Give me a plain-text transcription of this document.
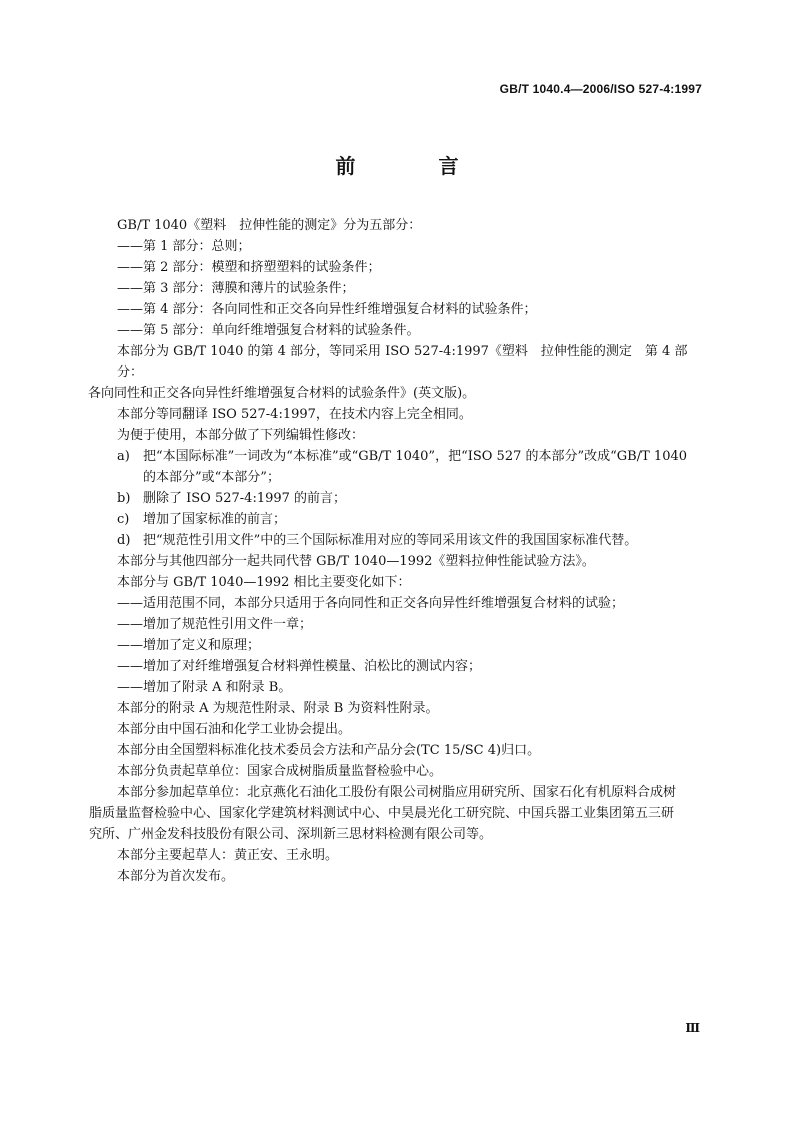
GB/T 1040.4—2006/ISO 527-4:1997
前 言

GB/T 1040《塑料　拉伸性能的测定》分为五部分：

——第 1 部分：总则；

——第 2 部分：模塑和挤塑塑料的试验条件；

——第 3 部分：薄膜和薄片的试验条件；

——第 4 部分：各向同性和正交各向异性纤维增强复合材料的试验条件；

——第 5 部分：单向纤维增强复合材料的试验条件。

本部分为 GB/T 1040 的第 4 部分，等同采用 ISO 527-4:1997《塑料　拉伸性能的测定　第 4 部分：

各向同性和正交各向异性纤维增强复合材料的试验条件》(英文版)。

本部分等同翻译 ISO 527-4:1997，在技术内容上完全相同。

为便于使用，本部分做了下列编辑性修改：

a)	把“本国际标准”一词改为“本标准”或“GB/T 1040”，把“ISO 527 的本部分”改成“GB/T 1040
的本部分”或“本部分”；
b) 删除了 ISO 527-4:1997 的前言；
c)	增加了国家标准的前言；
d) 把“规范性引用文件”中的三个国际标准用对应的等同采用该文件的我国国家标准代替。

本部分与其他四部分一起共同代替 GB/T 1040—1992《塑料拉伸性能试验方法》。

本部分与 GB/T 1040—1992 相比主要变化如下：

——适用范围不同，本部分只适用于各向同性和正交各向异性纤维增强复合材料的试验；

——增加了规范性引用文件一章；

——增加了定义和原理；

——增加了对纤维增强复合材料弹性模量、泊松比的测试内容；

——增加了附录 A 和附录 B。

本部分的附录 A 为规范性附录、附录 B 为资料性附录。

本部分由中国石油和化学工业协会提出。

本部分由全国塑料标准化技术委员会方法和产品分会(TC 15/SC 4)归口。

本部分负责起草单位：国家合成树脂质量监督检验中心。

本部分参加起草单位：北京燕化石油化工股份有限公司树脂应用研究所、国家石化有机原料合成树

脂质量监督检验中心、国家化学建筑材料测试中心、中昊晨光化工研究院、中国兵器工业集团第五三研

究所、广州金发科技股份有限公司、深圳新三思材料检测有限公司等。

本部分主要起草人：黄正安、王永明。

本部分为首次发布。

Ⅲ
